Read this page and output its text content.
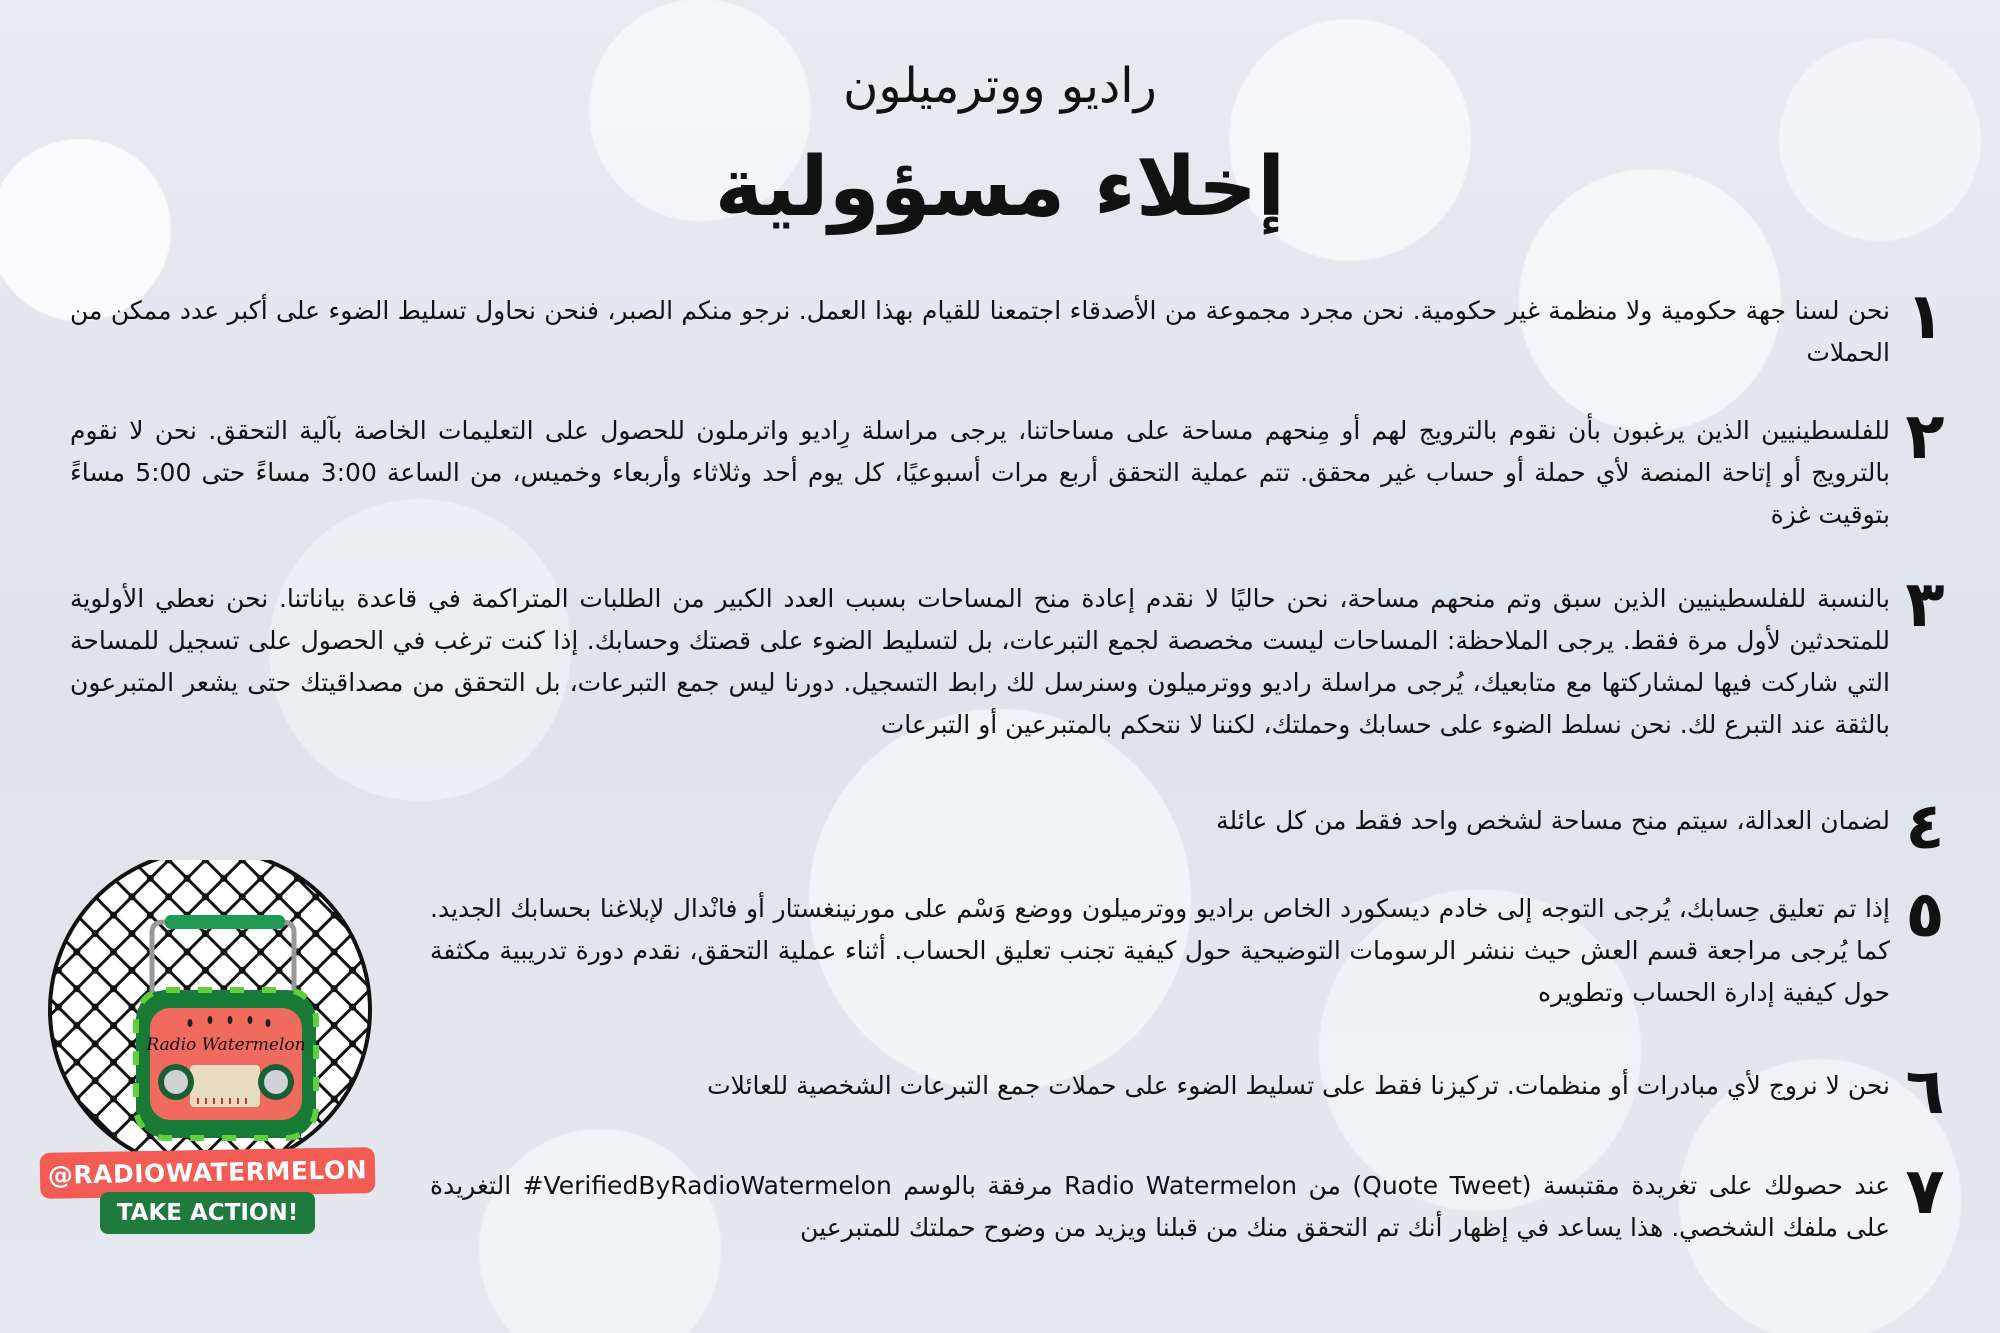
راديو ووترميلون
إخلاء مسؤولية
١
نحن لسنا جهة حكومية ولا منظمة غير حكومية. نحن مجرد مجموعة من الأصدقاء اجتمعنا للقيام بهذا العمل. نرجو منكم الصبر، فنحن نحاول تسليط الضوء على أكبر عدد ممكن من الحملات
٢
للفلسطينيين الذين يرغبون بأن نقوم بالترويج لهم أو مِنحهم مساحة على مساحاتنا، يرجى مراسلة رِاديو واترملون للحصول على التعليمات الخاصة بآلية التحقق. نحن لا نقوم بالترويج أو إتاحة المنصة لأي حملة أو حساب غير محقق. تتم عملية التحقق أربع مرات أسبوعيًا، كل يوم أحد وثلاثاء وأربعاء وخميس، من الساعة 3:00 مساءً حتى 5:00 مساءً بتوقيت غزة
٣
بالنسبة للفلسطينيين الذين سبق وتم منحهم مساحة، نحن حاليًا لا نقدم إعادة منح المساحات بسبب العدد الكبير من الطلبات المتراكمة في قاعدة بياناتنا. نحن نعطي الأولوية للمتحدثين لأول مرة فقط. يرجى الملاحظة: المساحات ليست مخصصة لجمع التبرعات، بل لتسليط الضوء على قصتك وحسابك. إذا كنت ترغب في الحصول على تسجيل للمساحة التي شاركت فيها لمشاركتها مع متابعيك، يُرجى مراسلة راديو ووترميلون وسنرسل لك رابط التسجيل. دورنا ليس جمع التبرعات، بل التحقق من مصداقيتك حتى يشعر المتبرعون بالثقة عند التبرع لك. نحن نسلط الضوء على حسابك وحملتك، لكننا لا نتحكم بالمتبرعين أو التبرعات
٤
لضمان العدالة، سيتم منح مساحة لشخص واحد فقط من كل عائلة
٥
إذا تم تعليق حِسابك، يُرجى التوجه إلى خادم ديسكورد الخاص براديو ووترميلون ووضع وَسْم على مورنينغستار أو فانْدال لإبلاغنا بحسابك الجديد. كما يُرجى مراجعة قسم العش حيث ننشر الرسومات التوضيحية حول كيفية تجنب تعليق الحساب. أثناء عملية التحقق، نقدم دورة تدريبية مكثفة حول كيفية إدارة الحساب وتطويره
٦
نحن لا نروج لأي مبادرات أو منظمات. تركيزنا فقط على تسليط الضوء على حملات جمع التبرعات الشخصية للعائلات
٧
عند حصولك على تغريدة مقتبسة (Quote Tweet) من Radio Watermelon مرفقة بالوسم VerifiedByRadioWatermelon# التغريدة على ملفك الشخصي. هذا يساعد في إظهار أنك تم التحقق منك من قبلنا ويزيد من وضوح حملتك للمتبرعين
Radio Watermelon
@RADIOWATERMELON
TAKE ACTION!
